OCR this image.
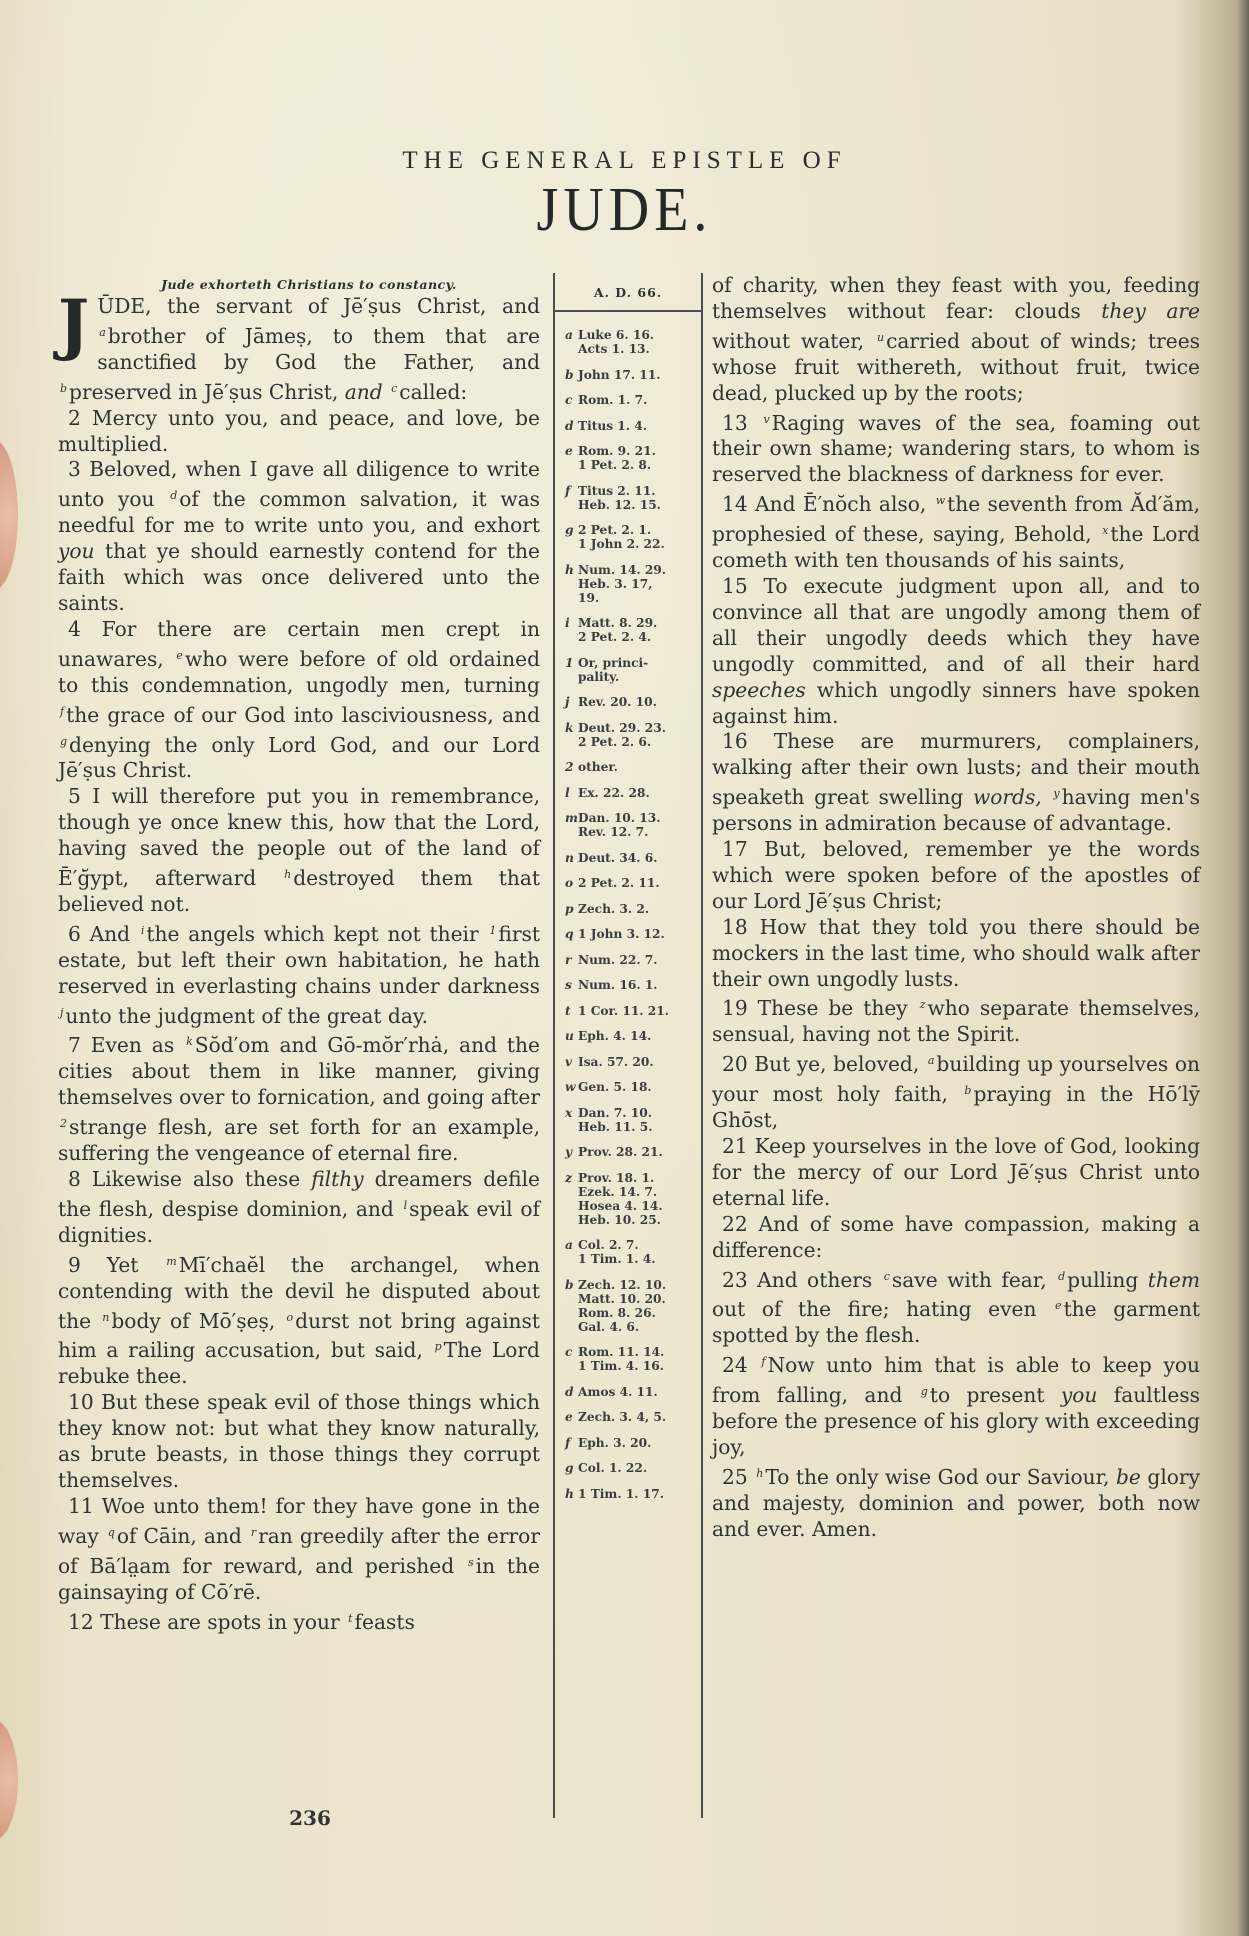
THE GENERAL EPISTLE OF
JUDE.
Jude exhorteth Christians to constancy.

JŪDE, the servant of Jē′ṣus Christ, and $^a$brother of Jāmeṣ, to them that are sanctified by God the Father, and $^b$preserved in Jē′ṣus Christ, and $^c$called:

2 Mercy unto you, and peace, and love, be multiplied.

3 Beloved, when I gave all diligence to write unto you $^d$of the common salvation, it was needful for me to write unto you, and exhort you that ye should earnestly contend for the faith which was once delivered unto the saints.

4 For there are certain men crept in unawares, $^e$who were before of old ordained to this condemnation, ungodly men, turning $^f$the grace of our God into lasciviousness, and $^g$denying the only Lord God, and our Lord Jē′ṣus Christ.

5 I will therefore put you in remembrance, though ye once knew this, how that the Lord, having saved the people out of the land of Ē′ġ̆ypt, afterward $^h$destroyed them that believed not.

6 And $^i$the angels which kept not their $^1$first estate, but left their own habitation, he hath reserved in everlasting chains under darkness $^j$unto the judgment of the great day.

7 Even as $^k$Sŏd′om and Gō-mŏr′rhȧ, and the cities about them in like manner, giving themselves over to fornication, and going after $^2$strange flesh, are set forth for an example, suffering the vengeance of eternal fire.

8 Likewise also these filthy dreamers defile the flesh, despise dominion, and $^l$speak evil of dignities.

9 Yet $^m$Mī′chaĕl the archangel, when contending with the devil he disputed about the $^n$body of Mō′ṣeṣ, $^o$durst not bring against him a railing accusation, but said, $^p$The Lord rebuke thee.

10 But these speak evil of those things which they know not: but what they know naturally, as brute beasts, in those things they corrupt themselves.

11 Woe unto them! for they have gone in the way $^q$of Cāin, and $^r$ran greedily after the error of Bā′la̤am for reward, and perished $^s$in the gainsaying of Cō′rē.

12 These are spots in your $^t$feasts

A. D. 66.
a Luke 6. 16.
Acts 1. 13.
b John 17. 11.
c Rom. 1. 7.
d Titus 1. 4.
e Rom. 9. 21.
1 Pet. 2. 8.
f Titus 2. 11.
Heb. 12. 15.
g 2 Pet. 2. 1.
1 John 2. 22.
h Num. 14. 29.
Heb. 3. 17,
19.
i Matt. 8. 29.
2 Pet. 2. 4.
1 Or, princi-
pality.
j Rev. 20. 10.
k Deut. 29. 23.
2 Pet. 2. 6.
2 other.
l Ex. 22. 28.
m Dan. 10. 13.
Rev. 12. 7.
n Deut. 34. 6.
o 2 Pet. 2. 11.
p Zech. 3. 2.
q 1 John 3. 12.
r Num. 22. 7.
s Num. 16. 1.
t 1 Cor. 11. 21.
u Eph. 4. 14.
v Isa. 57. 20.
w Gen. 5. 18.
x Dan. 7. 10.
Heb. 11. 5.
y Prov. 28. 21.
z Prov. 18. 1.
Ezek. 14. 7.
Hosea 4. 14.
Heb. 10. 25.
a Col. 2. 7.
1 Tim. 1. 4.
b Zech. 12. 10.
Matt. 10. 20.
Rom. 8. 26.
Gal. 4. 6.
c Rom. 11. 14.
1 Tim. 4. 16.
d Amos 4. 11.
e Zech. 3. 4, 5.
f Eph. 3. 20.
g Col. 1. 22.
h 1 Tim. 1. 17.

of charity, when they feast with you, feeding themselves without fear: clouds they are without water, $^u$carried about of winds; trees whose fruit withereth, without fruit, twice dead, plucked up by the roots;

13 $^v$Raging waves of the sea, foaming out their own shame; wandering stars, to whom is reserved the blackness of darkness for ever.

14 And Ē′nŏch also, $^w$the seventh from Ăd′ăm, prophesied of these, saying, Behold, $^x$the Lord cometh with ten thousands of his saints,

15 To execute judgment upon all, and to convince all that are ungodly among them of all their ungodly deeds which they have ungodly committed, and of all their hard speeches which ungodly sinners have spoken against him.

16 These are murmurers, complainers, walking after their own lusts; and their mouth speaketh great swelling words, $^y$having men's persons in admiration because of advantage.

17 But, beloved, remember ye the words which were spoken before of the apostles of our Lord Jē′ṣus Christ;

18 How that they told you there should be mockers in the last time, who should walk after their own ungodly lusts.

19 These be they $^z$who separate themselves, sensual, having not the Spirit.

20 But ye, beloved, $^a$building up yourselves on your most holy faith, $^b$praying in the Hō′lȳ Ghōst,

21 Keep yourselves in the love of God, looking for the mercy of our Lord Jē′ṣus Christ unto eternal life.

22 And of some have compassion, making a difference:

23 And others $^c$save with fear, $^d$pulling them out of the fire; hating even $^e$the garment spotted by the flesh.

24 $^f$Now unto him that is able to keep you from falling, and $^g$to present you faultless before the presence of his glory with exceeding joy,

25 $^h$To the only wise God our Saviour, be glory and majesty, dominion and power, both now and ever. Amen.

236
